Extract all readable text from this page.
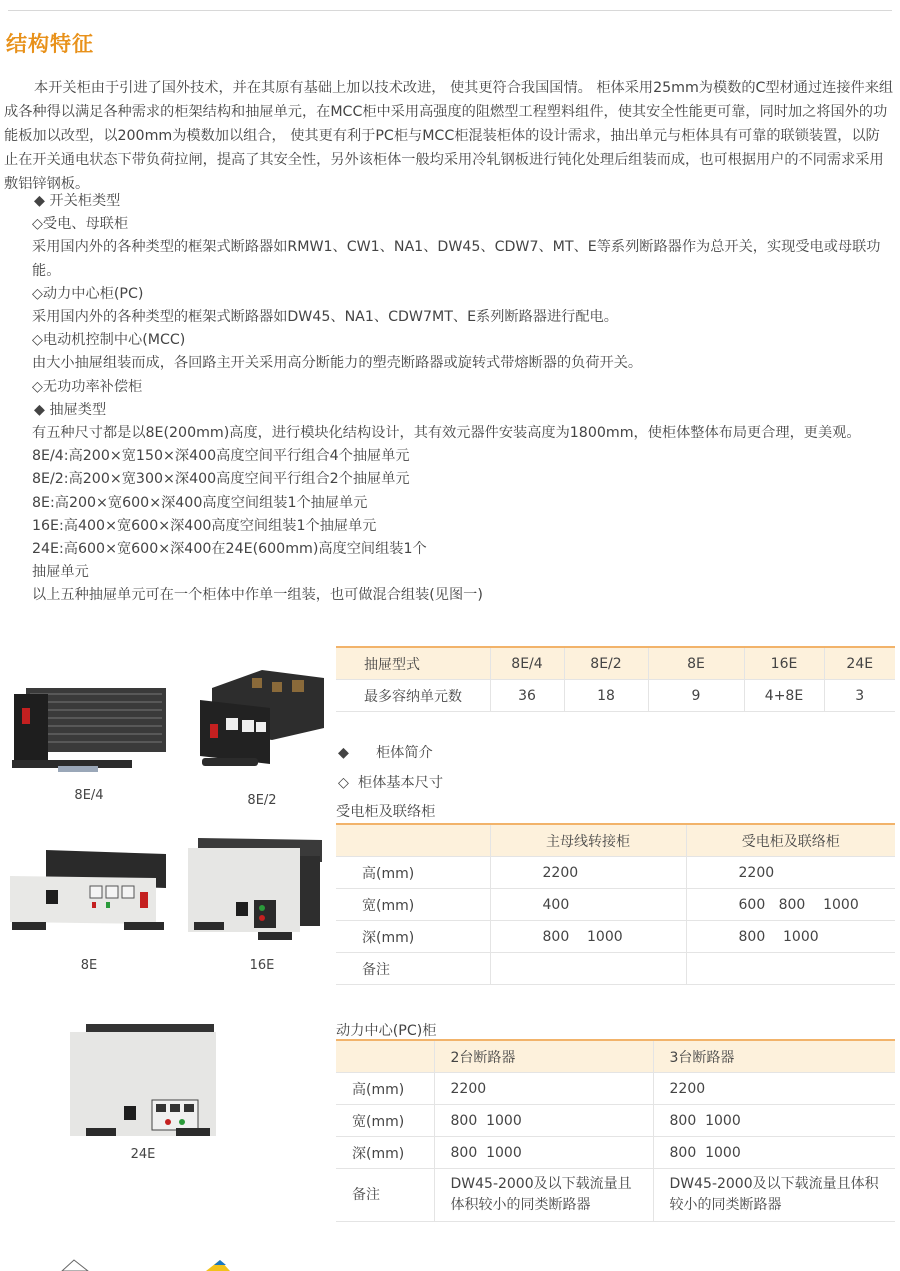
结构特征

本开关柜由于引进了国外技术，并在其原有基础上加以技术改进， 使其更符合我国国情。 柜体采用25mm为模数的C型材通过连接件来组成各种得以满足各种需求的柜架结构和抽屉单元，在MCC柜中采用高强度的阻燃型工程塑料组件，使其安全性能更可靠，同时加之将国外的功能板加以改型，以200mm为模数加以组合， 使其更有利于PC柜与MCC柜混装柜体的设计需求，抽出单元与柜体具有可靠的联锁装置，以防止在开关通电状态下带负荷拉闸，提高了其安全性，另外该柜体一般均采用冷轧钢板进行钝化处理后组装而成，也可根据用户的不同需求采用敷铝锌钢板。

◆ 开关柜类型
◇受电、母联柜
采用国内外的各种类型的框架式断路器如RMW1、CW1、NA1、DW45、CDW7、MT、E等系列断路器作为总开关，实现受电或母联功能。
◇动力中心柜(PC)
采用国内外的各种类型的框架式断路器如DW45、NA1、CDW7MT、E系列断路器进行配电。
◇电动机控制中心(MCC)
由大小抽屉组装而成，各回路主开关采用高分断能力的塑壳断路器或旋转式带熔断器的负荷开关。
◇无功功率补偿柜
◆ 抽屉类型
有五种尺寸都是以8E(200mm)高度，进行模块化结构设计，其有效元器件安装高度为1800mm，使柜体整体布局更合理，更美观。
8E/4:高200×宽150×深400高度空间平行组合4个抽屉单元
8E/2:高200×宽300×深400高度空间平行组合2个抽屉单元
8E:高200×宽600×深400高度空间组装1个抽屉单元
16E:高400×宽600×深400高度空间组装1个抽屉单元
24E:高600×宽600×深400在24E(600mm)高度空间组装1个
抽屉单元
以上五种抽屉单元可在一个柜体中作单一组装，也可做混合组装(见图一)
8E/4	8E/2
8E	16E
24E
抽屉型式	8E/4	8E/2	8E	16E	24E
最多容纳单元数	36	18	9	4+8E	3
◆      柜体简介
◇  柜体基本尺寸
受电柜及联络柜
	主母线转接柜	受电柜及联络柜
高(mm)	2200	2200
宽(mm)	400	600   800    1000
深(mm)	800    1000	800    1000
备注		
动力中心(PC)柜
	2台断路器	3台断路器
高(mm)	2200	2200
宽(mm)	800  1000	800  1000
深(mm)	800  1000	800  1000
备注	DW45-2000及以下载流量且体积较小的同类断路器	DW45-2000及以下载流量且体积较小的同类断路器
